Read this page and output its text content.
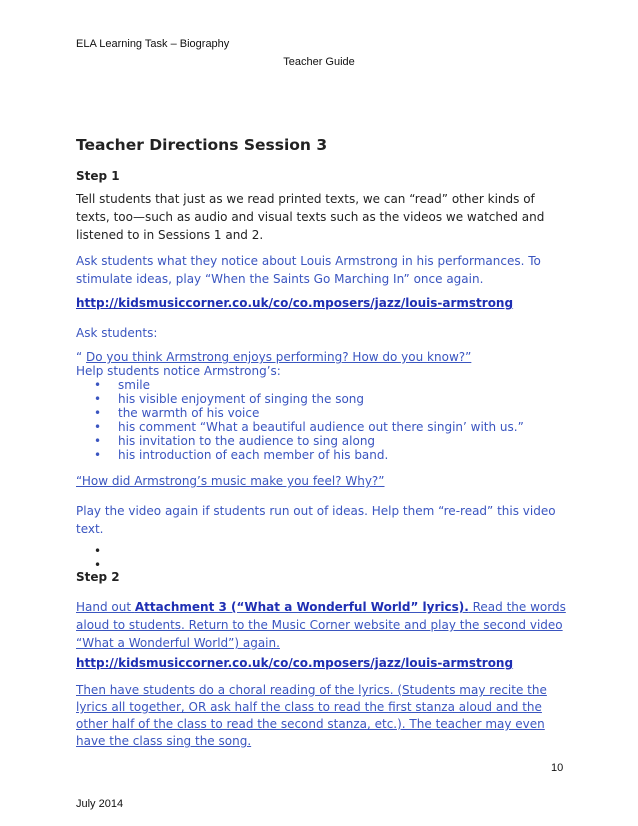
ELA Learning Task – Biography
Teacher Guide
Teacher Directions Session 3
Step 1

Tell students that just as we read printed texts, we can “read” other kinds of texts, too—such as audio and visual texts such as the videos we watched and listened to in Sessions 1 and 2.

Ask students what they notice about Louis Armstrong in his performances. To stimulate ideas, play “When the Saints Go Marching In” once again.

http://kidsmusiccorner.co.uk/co/co.mposers/jazz/louis-armstrong

Ask students:

“ Do you think Armstrong enjoys performing? How do you know?”
Help students notice Armstrong’s:
• smile
• his visible enjoyment of singing the song
• the warmth of his voice
• his comment “What a beautiful audience out there singin’ with us.”
• his invitation to the audience to sing along
• his introduction of each member of his band.

“How did Armstrong’s music make you feel? Why?”

Play the video again if students run out of ideas. Help them “re-read” this video text.

•
•
Step 2

Hand out Attachment 3 (“What a Wonderful World” lyrics). Read the words aloud to students. Return to the Music Corner website and play the second video “What a Wonderful World”) again.

http://kidsmusiccorner.co.uk/co/co.mposers/jazz/louis-armstrong

Then have students do a choral reading of the lyrics. (Students may recite the lyrics all together, OR ask half the class to read the first stanza aloud and the other half of the class to read the second stanza, etc.). The teacher may even have the class sing the song.

10
July 2014
